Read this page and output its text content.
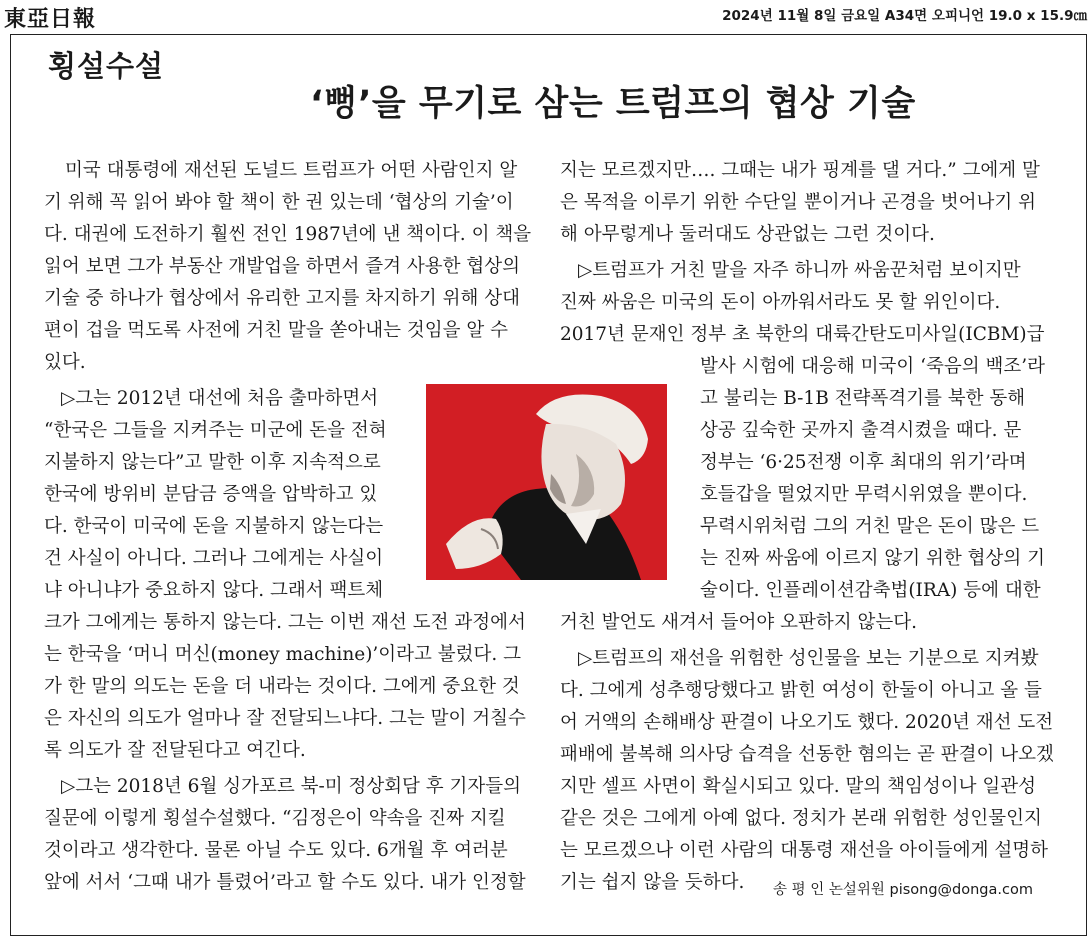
東亞日報	2024년 11월 8일 금요일 A34면 오피니언 19.0 x 15.9㎝
횡설수설
‘뻥’을 무기로 삼는 트럼프의 협상 기술
미국 대통령에 재선된 도널드 트럼프가 어떤 사람인지 알
기 위해 꼭 읽어 봐야 할 책이 한 권 있는데 ‘협상의 기술’이
다. 대권에 도전하기 훨씬 전인 1987년에 낸 책이다. 이 책을
읽어 보면 그가 부동산 개발업을 하면서 즐겨 사용한 협상의
기술 중 하나가 협상에서 유리한 고지를 차지하기 위해 상대
편이 겁을 먹도록 사전에 거친 말을 쏟아내는 것임을 알 수
있다.
▷그는 2012년 대선에 처음 출마하면서
“한국은 그들을 지켜주는 미군에 돈을 전혀
지불하지 않는다”고 말한 이후 지속적으로
한국에 방위비 분담금 증액을 압박하고 있
다. 한국이 미국에 돈을 지불하지 않는다는
건 사실이 아니다. 그러나 그에게는 사실이
냐 아니냐가 중요하지 않다. 그래서 팩트체
크가 그에게는 통하지 않는다. 그는 이번 재선 도전 과정에서
는 한국을 ‘머니 머신(money machine)’이라고 불렀다. 그
가 한 말의 의도는 돈을 더 내라는 것이다. 그에게 중요한 것
은 자신의 의도가 얼마나 잘 전달되느냐다. 그는 말이 거칠수
록 의도가 잘 전달된다고 여긴다.
▷그는 2018년 6월 싱가포르 북-미 정상회담 후 기자들의
질문에 이렇게 횡설수설했다. “김정은이 약속을 진짜 지킬
것이라고 생각한다. 물론 아닐 수도 있다. 6개월 후 여러분
앞에 서서 ‘그때 내가 틀렸어’라고 할 수도 있다. 내가 인정할
지는 모르겠지만…. 그때는 내가 핑계를 댈 거다.” 그에게 말
은 목적을 이루기 위한 수단일 뿐이거나 곤경을 벗어나기 위
해 아무렇게나 둘러대도 상관없는 그런 것이다.
▷트럼프가 거친 말을 자주 하니까 싸움꾼처럼 보이지만
진짜 싸움은 미국의 돈이 아까워서라도 못 할 위인이다.
2017년 문재인 정부 초 북한의 대륙간탄도미사일(ICBM)급
발사 시험에 대응해 미국이 ‘죽음의 백조’라
고 불리는 B-1B 전략폭격기를 북한 동해
상공 깊숙한 곳까지 출격시켰을 때다. 문
정부는 ‘6·25전쟁 이후 최대의 위기’라며
호들갑을 떨었지만 무력시위였을 뿐이다.
무력시위처럼 그의 거친 말은 돈이 많은 드
는 진짜 싸움에 이르지 않기 위한 협상의 기
술이다. 인플레이션감축법(IRA) 등에 대한
거친 발언도 새겨서 들어야 오판하지 않는다.
▷트럼프의 재선을 위험한 성인물을 보는 기분으로 지켜봤
다. 그에게 성추행당했다고 밝힌 여성이 한둘이 아니고 올 들
어 거액의 손해배상 판결이 나오기도 했다. 2020년 재선 도전
패배에 불복해 의사당 습격을 선동한 혐의는 곧 판결이 나오겠
지만 셀프 사면이 확실시되고 있다. 말의 책임성이나 일관성
같은 것은 그에게 아예 없다. 정치가 본래 위험한 성인물인지
는 모르겠으나 이런 사람의 대통령 재선을 아이들에게 설명하
기는 쉽지 않을 듯하다. 송 평 인 논설위원 pisong@donga.com
